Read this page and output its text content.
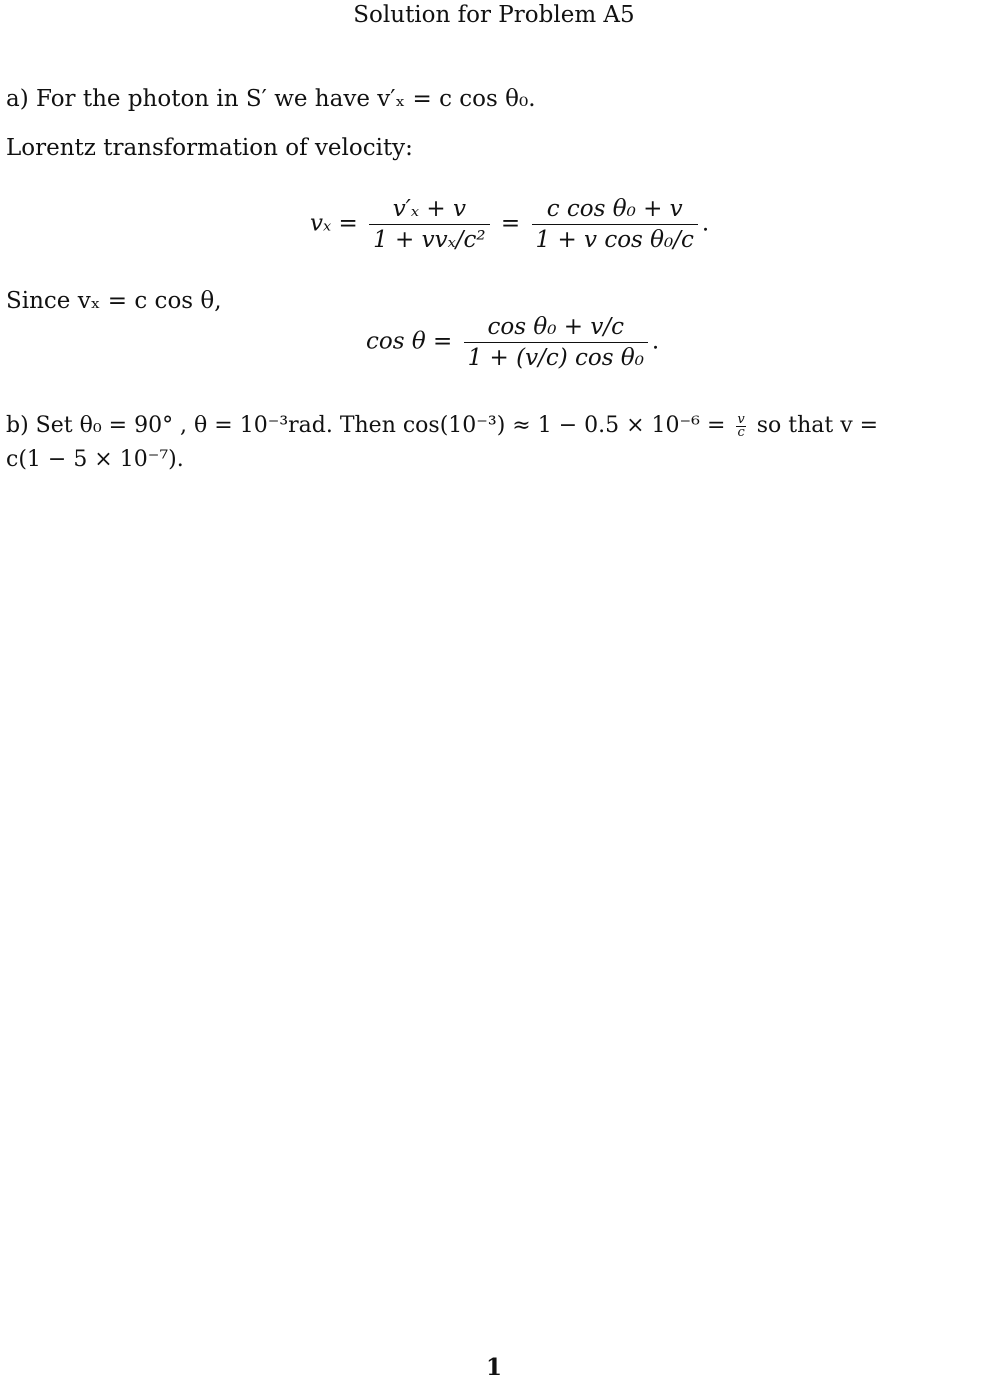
Solution for Problem A5
a) For the photon in S′ we have v′ₓ = c cos θ₀.
Lorentz transformation of velocity:
$v_x = \frac{\text{v′ₓ + v}}{\text{1 + vvₓ/c²}} = \frac{\text{c cos θ₀ + v}}{\text{1 + v cos θ₀/c}}$ .
Since vₓ = c cos θ,
$\cos \theta = \frac{\text{cos θ₀ + v/c}}{\text{1 + (v/c) cos θ₀}}$ .
b) Set θ₀ = 90° , θ = 10⁻³rad. Then $\cos(10^{-3}) \approx 1 - 0.5 \times 10^{-6} = \frac{v}{c}$ so that v =
c(1 − 5 × 10⁻⁷).
1
